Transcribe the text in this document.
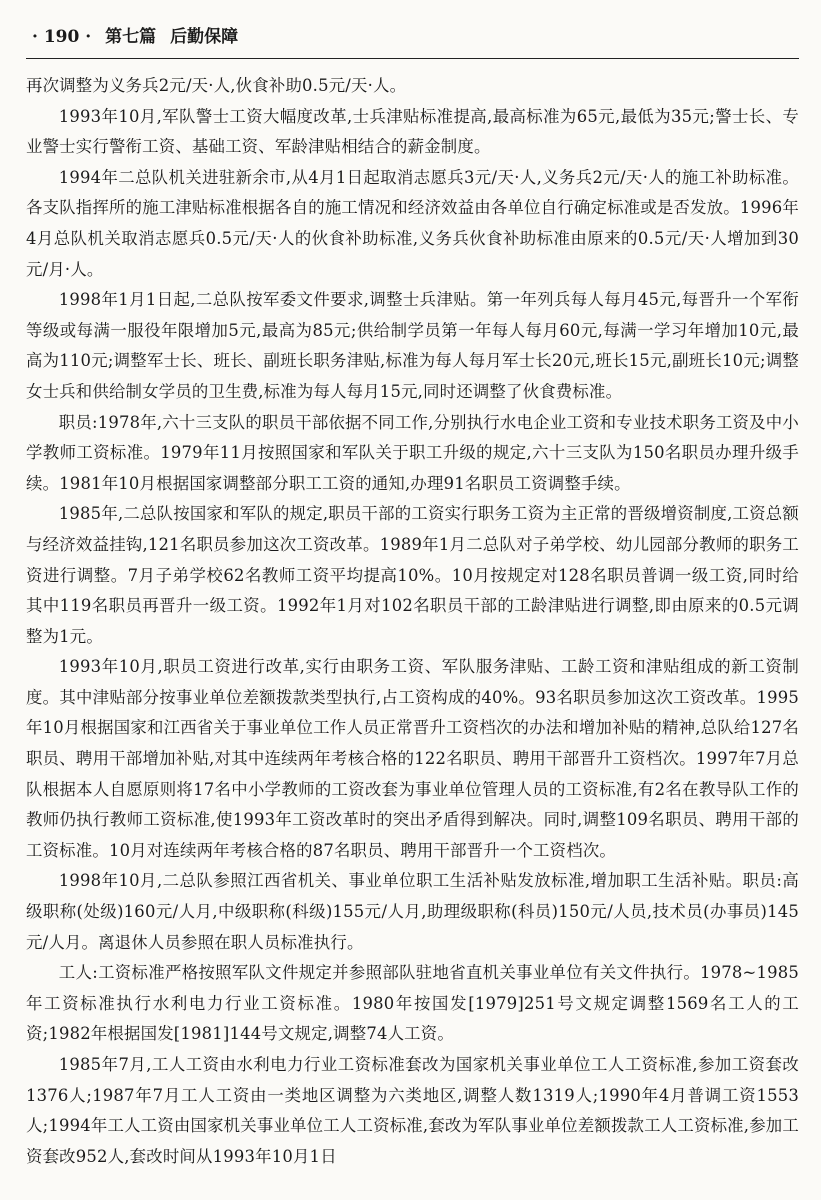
· 190 · 第七篇 后勤保障

再次调整为义务兵2元/天·人,伙食补助0.5元/天·人。

1993年10月,军队警士工资大幅度改革,士兵津贴标准提高,最高标准为65元,最低为35元;警士长、专业警士实行警衔工资、基础工资、军龄津贴相结合的薪金制度。

1994年二总队机关进驻新余市,从4月1日起取消志愿兵3元/天·人,义务兵2元/天·人的施工补助标准。各支队指挥所的施工津贴标准根据各自的施工情况和经济效益由各单位自行确定标准或是否发放。1996年4月总队机关取消志愿兵0.5元/天·人的伙食补助标准,义务兵伙食补助标准由原来的0.5元/天·人增加到30元/月·人。

1998年1月1日起,二总队按军委文件要求,调整士兵津贴。第一年列兵每人每月45元,每晋升一个军衔等级或每满一服役年限增加5元,最高为85元;供给制学员第一年每人每月60元,每满一学习年增加10元,最高为110元;调整军士长、班长、副班长职务津贴,标准为每人每月军士长20元,班长15元,副班长10元;调整女士兵和供给制女学员的卫生费,标准为每人每月15元,同时还调整了伙食费标准。

职员:1978年,六十三支队的职员干部依据不同工作,分别执行水电企业工资和专业技术职务工资及中小学教师工资标准。1979年11月按照国家和军队关于职工升级的规定,六十三支队为150名职员办理升级手续。1981年10月根据国家调整部分职工工资的通知,办理91名职员工资调整手续。

1985年,二总队按国家和军队的规定,职员干部的工资实行职务工资为主正常的晋级增资制度,工资总额与经济效益挂钩,121名职员参加这次工资改革。1989年1月二总队对子弟学校、幼儿园部分教师的职务工资进行调整。7月子弟学校62名教师工资平均提高10%。10月按规定对128名职员普调一级工资,同时给其中119名职员再晋升一级工资。1992年1月对102名职员干部的工龄津贴进行调整,即由原来的0.5元调整为1元。

1993年10月,职员工资进行改革,实行由职务工资、军队服务津贴、工龄工资和津贴组成的新工资制度。其中津贴部分按事业单位差额拨款类型执行,占工资构成的40%。93名职员参加这次工资改革。1995年10月根据国家和江西省关于事业单位工作人员正常晋升工资档次的办法和增加补贴的精神,总队给127名职员、聘用干部增加补贴,对其中连续两年考核合格的122名职员、聘用干部晋升工资档次。1997年7月总队根据本人自愿原则将17名中小学教师的工资改套为事业单位管理人员的工资标准,有2名在教导队工作的教师仍执行教师工资标准,使1993年工资改革时的突出矛盾得到解决。同时,调整109名职员、聘用干部的工资标准。10月对连续两年考核合格的87名职员、聘用干部晋升一个工资档次。

1998年10月,二总队参照江西省机关、事业单位职工生活补贴发放标准,增加职工生活补贴。职员:高级职称(处级)160元/人月,中级职称(科级)155元/人月,助理级职称(科员)150元/人员,技术员(办事员)145元/人月。离退休人员参照在职人员标准执行。

工人:工资标准严格按照军队文件规定并参照部队驻地省直机关事业单位有关文件执行。1978~1985年工资标准执行水利电力行业工资标准。1980年按国发[1979]251号文规定调整1569名工人的工资;1982年根据国发[1981]144号文规定,调整74人工资。

1985年7月,工人工资由水利电力行业工资标准套改为国家机关事业单位工人工资标准,参加工资套改1376人;1987年7月工人工资由一类地区调整为六类地区,调整人数1319人;1990年4月普调工资1553人;1994年工人工资由国家机关事业单位工人工资标准,套改为军队事业单位差额拨款工人工资标准,参加工资套改952人,套改时间从1993年10月1日
